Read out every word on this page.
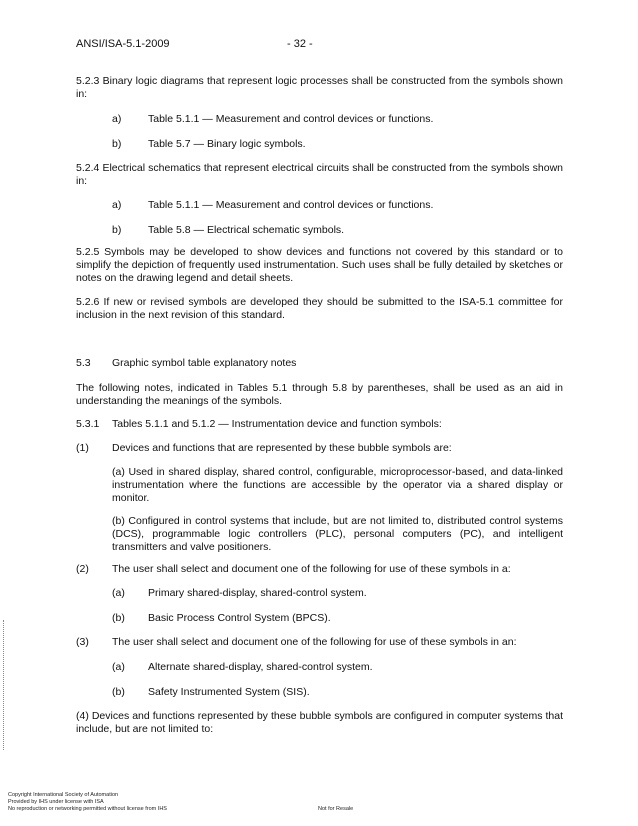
ANSI/ISA-5.1-2009	- 32 -
5.2.3 Binary logic diagrams that represent logic processes shall be constructed from the symbols shown in:
a)	Table 5.1.1 — Measurement and control devices or functions.
b)	Table 5.7 — Binary logic symbols.
5.2.4 Electrical schematics that represent electrical circuits shall be constructed from the symbols shown in:
a)	Table 5.1.1 — Measurement and control devices or functions.
b)	Table 5.8 — Electrical schematic symbols.
5.2.5 Symbols may be developed to show devices and functions not covered by this standard or to simplify the depiction of frequently used instrumentation. Such uses shall be fully detailed by sketches or notes on the drawing legend and detail sheets.
5.2.6 If new or revised symbols are developed they should be submitted to the ISA-5.1 committee for inclusion in the next revision of this standard.
5.3 Graphic symbol table explanatory notes
The following notes, indicated in Tables 5.1 through 5.8 by parentheses, shall be used as an aid in understanding the meanings of the symbols.
5.3.1 Tables 5.1.1 and 5.1.2 — Instrumentation device and function symbols:
(1) Devices and functions that are represented by these bubble symbols are:
(a) Used in shared display, shared control, configurable, microprocessor-based, and data-linked instrumentation where the functions are accessible by the operator via a shared display or monitor.
(b) Configured in control systems that include, but are not limited to, distributed control systems (DCS), programmable logic controllers (PLC), personal computers (PC), and intelligent transmitters and valve positioners.
(2) The user shall select and document one of the following for use of these symbols in a:
(a) Primary shared-display, shared-control system.
(b) Basic Process Control System (BPCS).
(3) The user shall select and document one of the following for use of these symbols in an:
(a) Alternate shared-display, shared-control system.
(b) Safety Instrumented System (SIS).
(4) Devices and functions represented by these bubble symbols are configured in computer systems that include, but are not limited to:
Copyright International Society of Automation
Provided by IHS under license with ISA
No reproduction or networking permitted without license from IHS	Not for Resale
